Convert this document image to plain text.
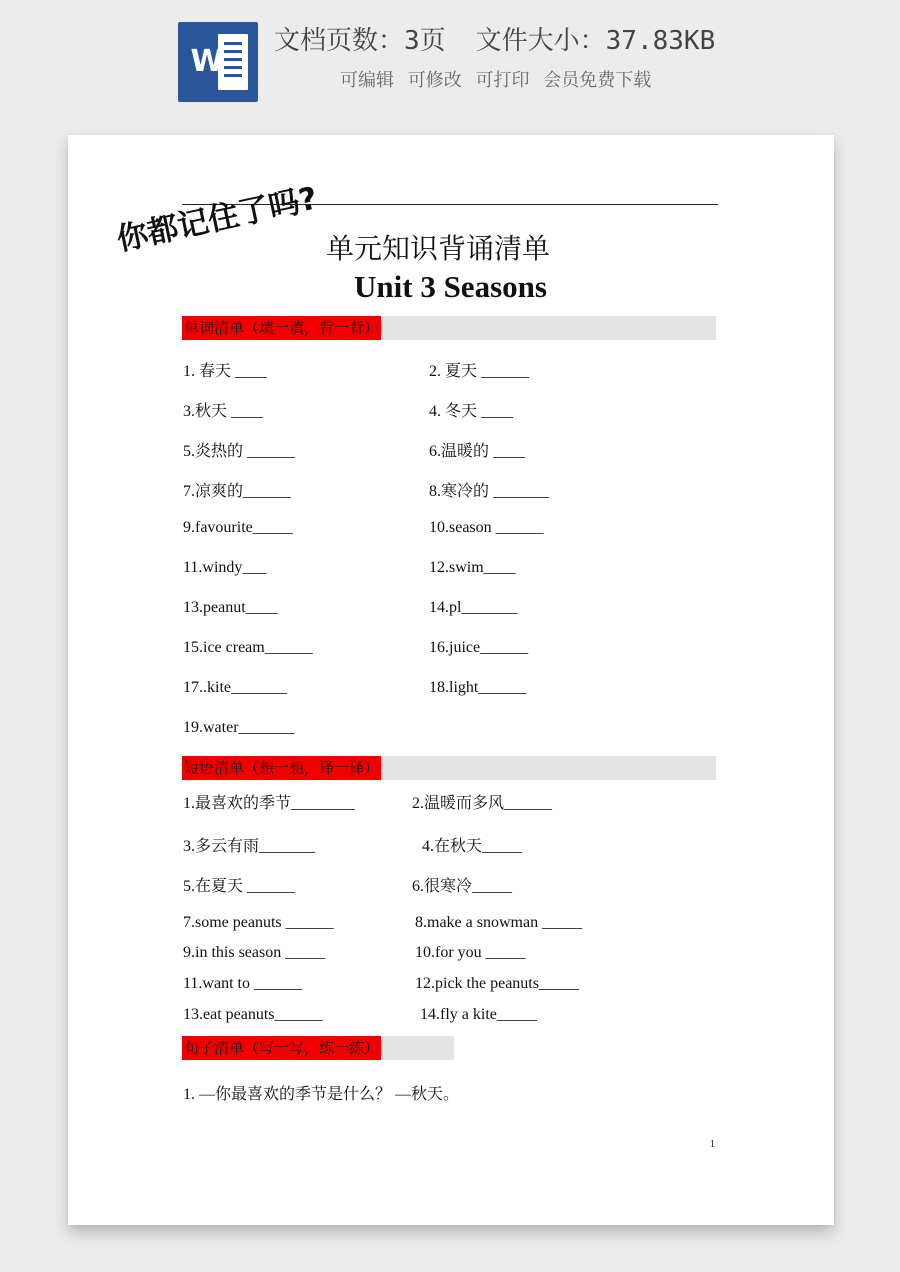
W
文档页数：3页 文件大小：37.83KB
可编辑 可修改 可打印 会员免费下载
你都记住了吗? 单元知识背诵清单
Unit 3 Seasons
单词清单（填一填，背一背）
1. 春天 ____	2. 夏天 ______
3.秋天 ____	4. 冬天 ____
5.炎热的 ______	6.温暖的 ____
7.凉爽的______	8.寒冷的 _______
9.favourite_____	10.season ______
11.windy___	12.swim____
13.peanut____	14.pl_______
15.ice cream______	16.juice______
17..kite_______	18.light______
19.water_______
短语清单（想一想，译一译）
1.最喜欢的季节________	2.温暖而多风______
3.多云有雨_______	4.在秋天_____
5.在夏天 ______	6.很寒冷_____
7.some peanuts ______	8.make a snowman _____
9.in this season _____	10.for you _____
11.want to ______	12.pick the peanuts_____
13.eat peanuts______	14.fly a kite_____
句子清单（写一写，练一练）
1. —你最喜欢的季节是什么？ —秋天。
1
